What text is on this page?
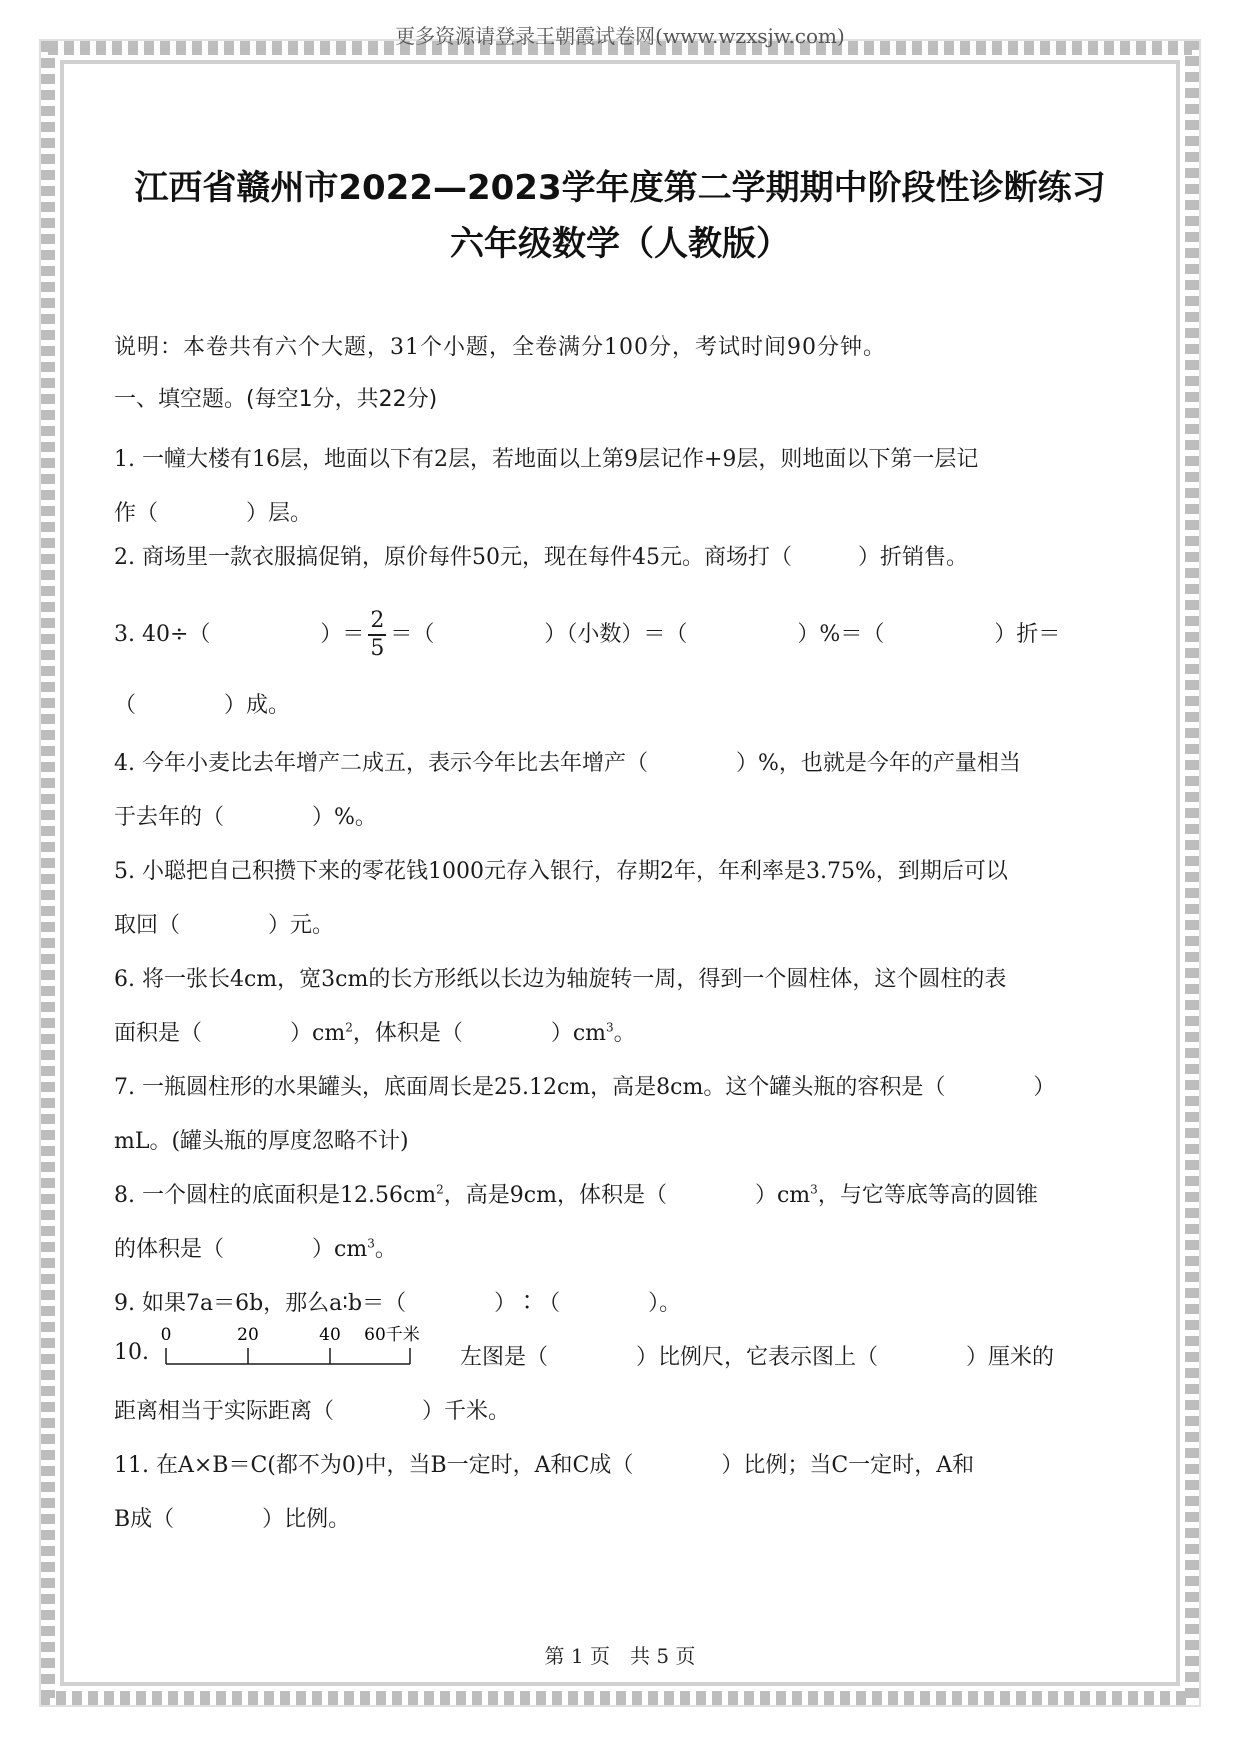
更多资源请登录王朝霞试卷网(www.wzxsjw.com)
江西省赣州市2022—2023学年度第二学期期中阶段性诊断练习
六年级数学（人教版）
说明：本卷共有六个大题，31个小题，全卷满分100分，考试时间90分钟。
一、填空题。(每空1分，共22分)
1. 一幢大楼有16层，地面以下有2层，若地面以上第9层记作+9层，则地面以下第一层记
作（　　　　）层。
2. 商场里一款衣服搞促销，原价每件50元，现在每件45元。商场打（　　　）折销售。
3. 40÷（　　　　　）＝ $\frac{2}{5}$ ＝（　　　　　）（小数）＝（　　　　　）%＝（　　　　　）折＝
（　　　　）成。
4. 今年小麦比去年增产二成五，表示今年比去年增产（　　　　）%，也就是今年的产量相当
于去年的（　　　　）%。
5. 小聪把自己积攒下来的零花钱1000元存入银行，存期2年，年利率是3.75%，到期后可以
取回（　　　　）元。
6. 将一张长4cm，宽3cm的长方形纸以长边为轴旋转一周，得到一个圆柱体，这个圆柱的表
面积是（　　　　）$cm^2$，体积是（　　　　）$cm^3$。
7. 一瓶圆柱形的水果罐头，底面周长是25.12cm，高是8cm。这个罐头瓶的容积是（　　　　）
mL。(罐头瓶的厚度忽略不计)
8. 一个圆柱的底面积是$12.56cm^2$，高是9cm，体积是（　　　　）$cm^3$，与它等底等高的圆锥
的体积是（　　　　）$cm^3$。
9. 如果7a＝6b，那么a∶b＝（　　　　）∶（　　　　）。
10.
0	20	40 60千米
左图是（　　　　）比例尺，它表示图上（　　　　）厘米的
距离相当于实际距离（　　　　）千米。
11. 在A×B＝C(都不为0)中，当B一定时，A和C成（　　　　）比例；当C一定时，A和
B成（　　　　）比例。
第 1 页　共 5 页
